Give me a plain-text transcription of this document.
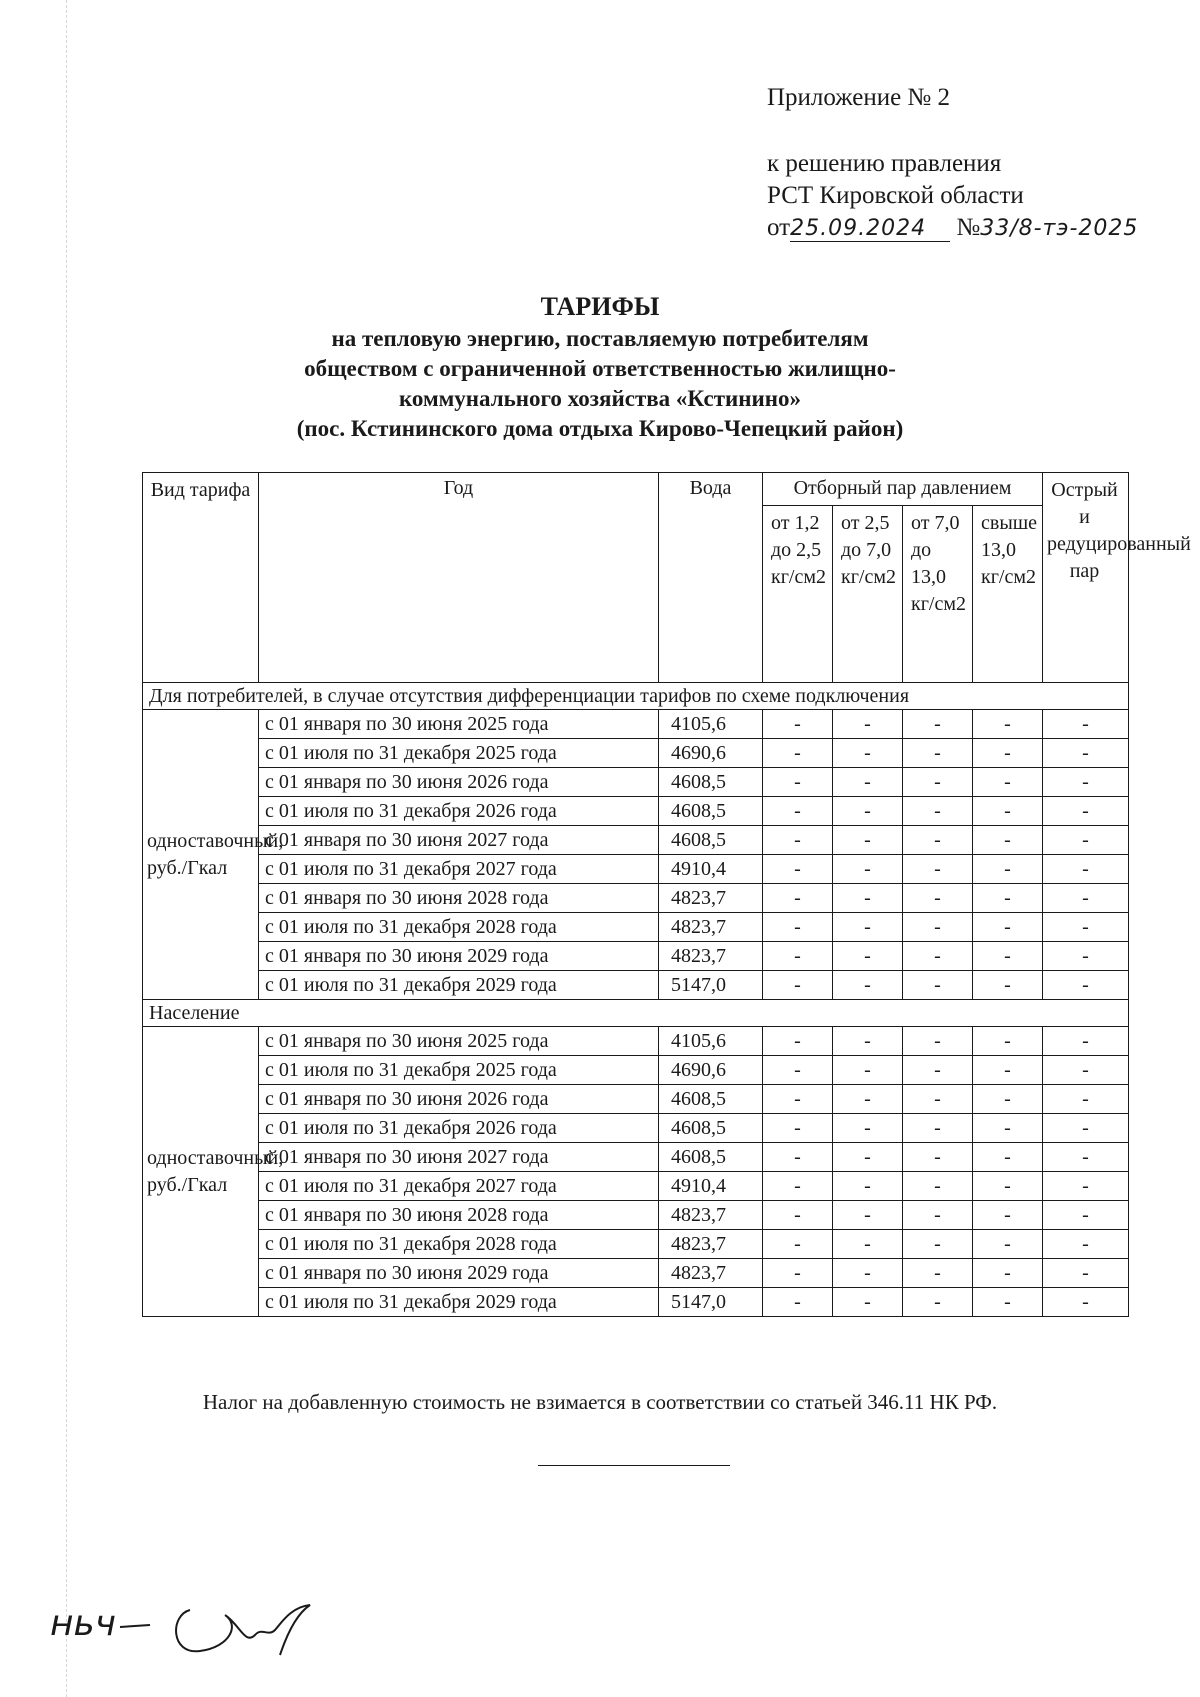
Приложение № 2
к решению правления
РСТ Кировской области
от25.09.2024 №33/8-тэ-2025
ТАРИФЫ
на тепловую энергию, поставляемую потребителям
обществом с ограниченной ответственностью жилищно-
коммунального хозяйства «Кстинино»
(пос. Кстининского дома отдыха Кирово-Чепецкий район)
Вид тарифа	Год	Вода	Отборный пар давлением				Острый и редуцированный пар
			от 1,2 до 2,5 кг/см2	от 2,5 до 7,0 кг/см2	от 7,0 до 13,0 кг/см2	свыше 13,0 кг/см2	
Для потребителей, в случае отсутствия дифференциации тарифов по схеме подключения							
одноставочный, руб./Гкал	с 01 января по 30 июня 2025 года	4105,6	-	-	-	-	-
	с 01 июля по 31 декабря 2025 года	4690,6	-	-	-	-	-
	с 01 января по 30 июня 2026 года	4608,5	-	-	-	-	-
	с 01 июля по 31 декабря 2026 года	4608,5	-	-	-	-	-
	с 01 января по 30 июня 2027 года	4608,5	-	-	-	-	-
	с 01 июля по 31 декабря 2027 года	4910,4	-	-	-	-	-
	с 01 января по 30 июня 2028 года	4823,7	-	-	-	-	-
	с 01 июля по 31 декабря 2028 года	4823,7	-	-	-	-	-
	с 01 января по 30 июня 2029 года	4823,7	-	-	-	-	-
	с 01 июля по 31 декабря 2029 года	5147,0	-	-	-	-	-
Население							
одноставочный, руб./Гкал	с 01 января по 30 июня 2025 года	4105,6	-	-	-	-	-
	с 01 июля по 31 декабря 2025 года	4690,6	-	-	-	-	-
	с 01 января по 30 июня 2026 года	4608,5	-	-	-	-	-
	с 01 июля по 31 декабря 2026 года	4608,5	-	-	-	-	-
	с 01 января по 30 июня 2027 года	4608,5	-	-	-	-	-
	с 01 июля по 31 декабря 2027 года	4910,4	-	-	-	-	-
	с 01 января по 30 июня 2028 года	4823,7	-	-	-	-	-
	с 01 июля по 31 декабря 2028 года	4823,7	-	-	-	-	-
	с 01 января по 30 июня 2029 года	4823,7	-	-	-	-	-
	с 01 июля по 31 декабря 2029 года	5147,0	-	-	-	-	-
Налог на добавленную стоимость не взимается в соответствии со статьей 346.11 НК РФ.
ньч
